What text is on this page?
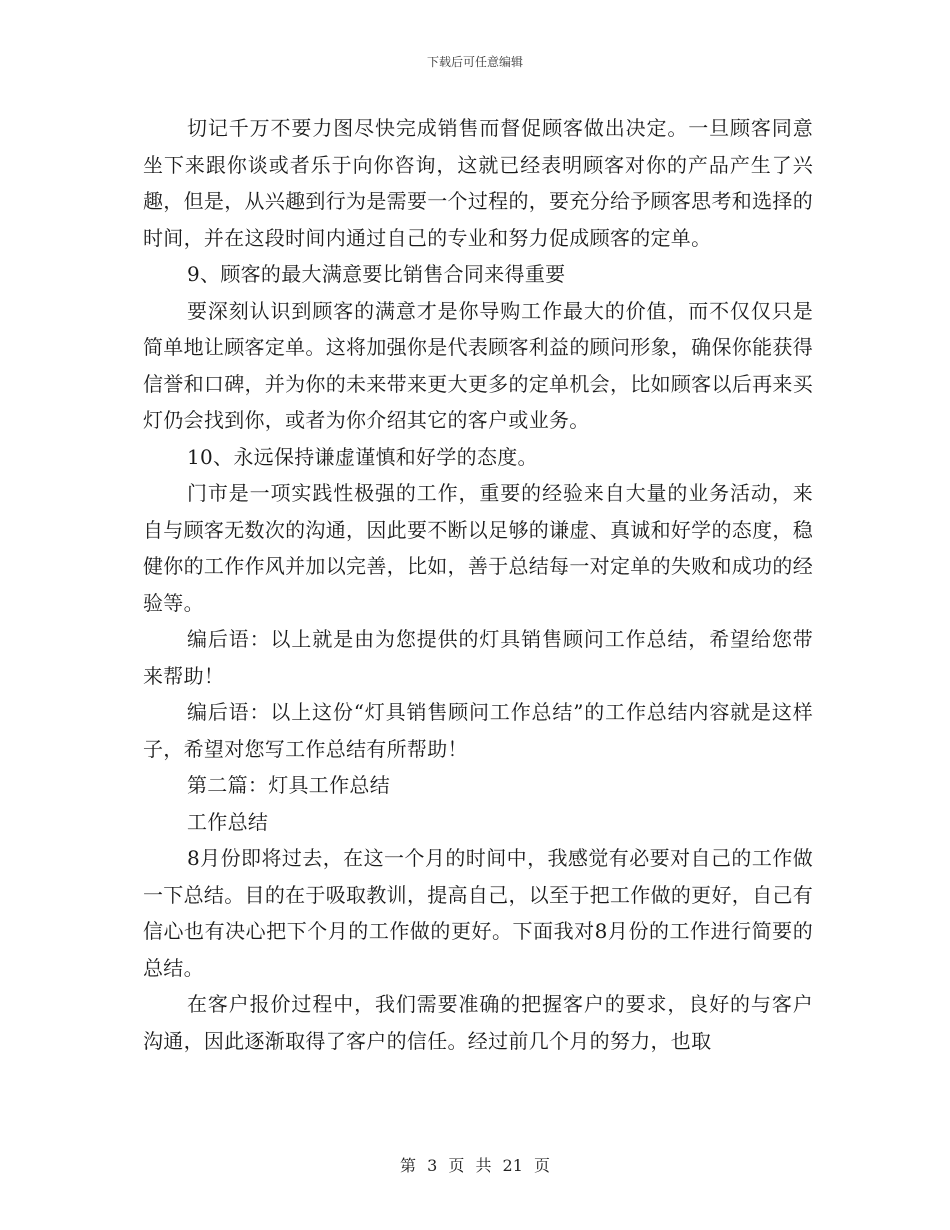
下载后可任意编辑

切记千万不要力图尽快完成销售而督促顾客做出决定。一旦顾客同意坐下来跟你谈或者乐于向你咨询，这就已经表明顾客对你的产品产生了兴趣，但是，从兴趣到行为是需要一个过程的，要充分给予顾客思考和选择的时间，并在这段时间内通过自己的专业和努力促成顾客的定单。

9、顾客的最大满意要比销售合同来得重要

要深刻认识到顾客的满意才是你导购工作最大的价值，而不仅仅只是简单地让顾客定单。这将加强你是代表顾客利益的顾问形象，确保你能获得信誉和口碑，并为你的未来带来更大更多的定单机会，比如顾客以后再来买灯仍会找到你，或者为你介绍其它的客户或业务。

10、永远保持谦虚谨慎和好学的态度。

门市是一项实践性极强的工作，重要的经验来自大量的业务活动，来自与顾客无数次的沟通，因此要不断以足够的谦虚、真诚和好学的态度，稳健你的工作作风并加以完善，比如，善于总结每一对定单的失败和成功的经验等。

编后语：以上就是由为您提供的灯具销售顾问工作总结，希望给您带来帮助！

编后语：以上这份“灯具销售顾问工作总结”的工作总结内容就是这样子，希望对您写工作总结有所帮助！

第二篇：灯具工作总结

工作总结

8月份即将过去，在这一个月的时间中，我感觉有必要对自己的工作做一下总结。目的在于吸取教训，提高自己，以至于把工作做的更好，自己有信心也有决心把下个月的工作做的更好。下面我对8月份的工作进行简要的总结。

在客户报价过程中，我们需要准确的把握客户的要求，良好的与客户沟通，因此逐渐取得了客户的信任。经过前几个月的努力，也取

第 3 页 共 21 页
